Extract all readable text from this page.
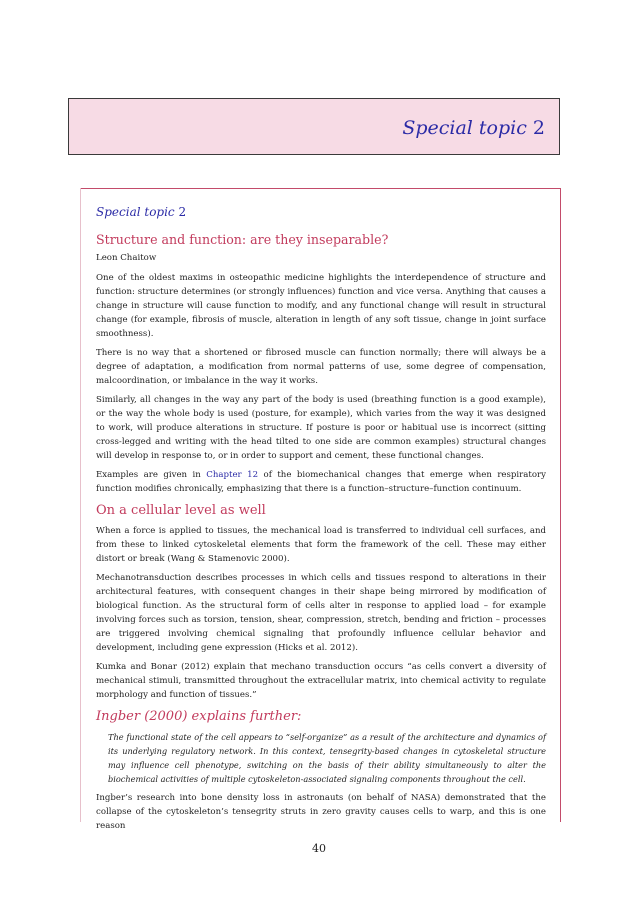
Special topic 2
Special topic 2
Structure and function: are they inseparable?
Leon Chaitow

One of the oldest maxims in osteopathic medicine highlights the interdependence of structure and function: structure determines (or strongly influences) function and vice versa. Anything that causes a change in structure will cause function to modify, and any functional change will result in structural change (for example, fibrosis of muscle, alteration in length of any soft tissue, change in joint surface smoothness).

There is no way that a shortened or fibrosed muscle can function normally; there will always be a degree of adaptation, a modification from normal patterns of use, some degree of compensation, malcoordination, or imbalance in the way it works.

Similarly, all changes in the way any part of the body is used (breathing function is a good example), or the way the whole body is used (posture, for example), which varies from the way it was designed to work, will produce alterations in structure. If posture is poor or habitual use is incorrect (sitting cross-legged and writing with the head tilted to one side are common examples) structural changes will develop in response to, or in order to support and cement, these functional changes.

Examples are given in Chapter 12 of the biomechanical changes that emerge when respiratory function modifies chronically, emphasizing that there is a function–structure–function continuum.

On a cellular level as well

When a force is applied to tissues, the mechanical load is transferred to individual cell surfaces, and from these to linked cytoskeletal elements that form the framework of the cell. These may either distort or break (Wang & Stamenovic 2000).

Mechanotransduction describes processes in which cells and tissues respond to alterations in their architectural features, with consequent changes in their shape being mirrored by modification of biological function. As the structural form of cells alter in response to applied load – for example involving forces such as torsion, tension, shear, compression, stretch, bending and friction – processes are triggered involving chemical signaling that profoundly influence cellular behavior and development, including gene expression (Hicks et al. 2012).

Kumka and Bonar (2012) explain that mechano transduction occurs “as cells convert a diversity of mechanical stimuli, transmitted throughout the extracellular matrix, into chemical activity to regulate morphology and function of tissues.”

Ingber (2000) explains further:

The functional state of the cell appears to “self-organize” as a result of the architecture and dynamics of its underlying regulatory network. In this context, tensegrity-based changes in cytoskeletal structure may influence cell phenotype, switching on the basis of their ability simultaneously to alter the biochemical activities of multiple cytoskeleton-associated signaling components throughout the cell.

Ingber’s research into bone density loss in astronauts (on behalf of NASA) demonstrated that the collapse of the cytoskeleton’s tensegrity struts in zero gravity causes cells to warp, and this is one reason

40
